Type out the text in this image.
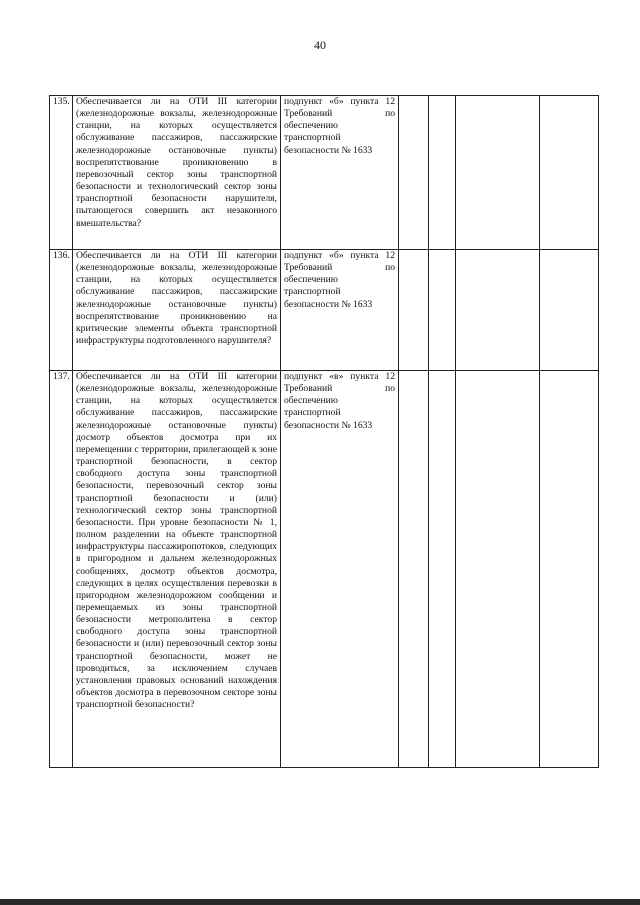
40
135.	Обеспечивается ли на ОТИ III категории (железнодорожные вокзалы, железнодорожные станции, на которых осуществляется обслуживание пассажиров, пассажирские железнодорожные остановочные пункты) воспрепятствование проникновению в перевозочный сектор зоны транспортной безопасности и технологический сектор зоны транспортной безопасности нарушителя, пытающегося совершить акт незаконного вмешательства?	подпункт «б» пункта 12 Требований по обеспечению транспортной безопасности № 1633				
136.	Обеспечивается ли на ОТИ III категории (железнодорожные вокзалы, железнодорожные станции, на которых осуществляется обслуживание пассажиров, пассажирские железнодорожные остановочные пункты) воспрепятствование проникновению на критические элементы объекта транспортной инфраструктуры подготовленного нарушителя?	подпункт «б» пункта 12 Требований по обеспечению транспортной безопасности № 1633				
137.	Обеспечивается ли на ОТИ III категории (железнодорожные вокзалы, железнодорожные станции, на которых осуществляется обслуживание пассажиров, пассажирские железнодорожные остановочные пункты) досмотр объектов досмотра при их перемещении с территории, прилегающей к зоне транспортной безопасности, в сектор свободного доступа зоны транспортной безопасности, перевозочный сектор зоны транспортной безопасности и (или) технологический сектор зоны транспортной безопасности. При уровне безопасности № 1, полном разделении на объекте транспортной инфраструктуры пассажиропотоков, следующих в пригородном и дальнем железнодорожных сообщениях, досмотр объектов досмотра, следующих в целях осуществления перевозки в пригородном железнодорожном сообщении и перемещаемых из зоны транспортной безопасности метрополитена в сектор свободного доступа зоны транспортной безопасности и (или) перевозочный сектор зоны транспортной безопасности, может не проводиться, за исключением случаев установления правовых оснований нахождения объектов досмотра в перевозочном секторе зоны транспортной безопасности?	подпункт «в» пункта 12 Требований по обеспечению транспортной безопасности № 1633				
